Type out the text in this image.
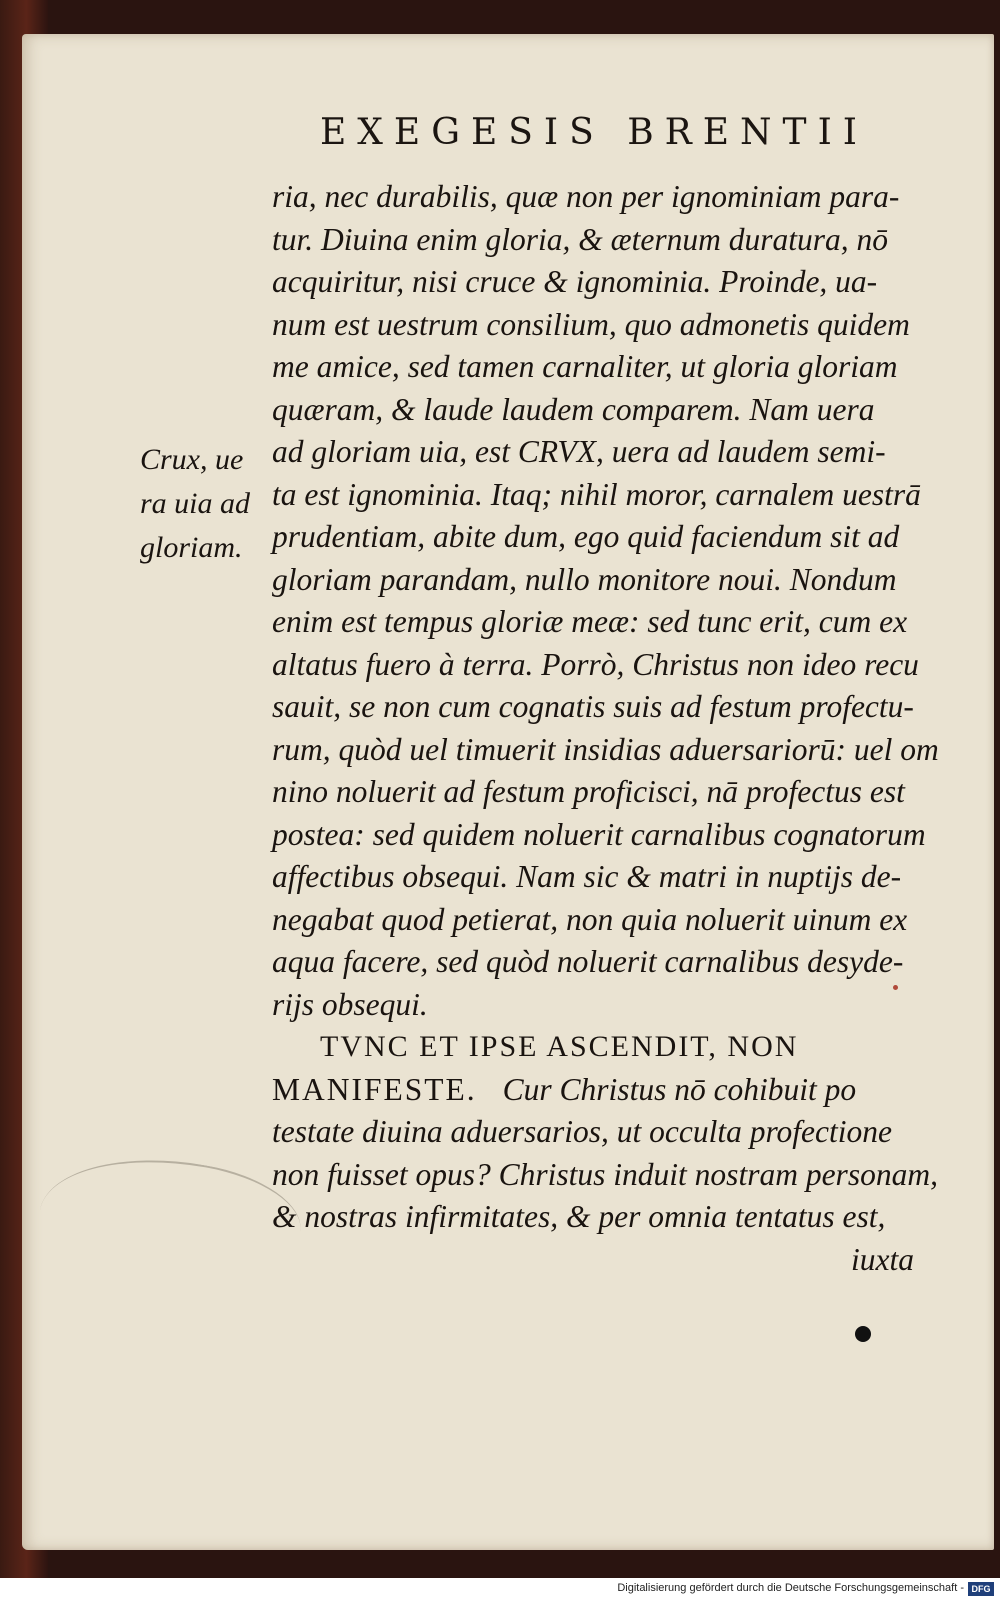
EXEGESIS BRENTII
Crux, ue
ra uia ad
gloriam.
ria, nec durabilis, quæ non per ignominiam para-
tur. Diuina enim gloria, & æternum duratura, nō
acquiritur, nisi cruce & ignominia. Proinde, ua-
num est uestrum consilium, quo admonetis quidem
me amice, sed tamen carnaliter, ut gloria gloriam
quæram, & laude laudem comparem. Nam uera
ad gloriam uia, est CRVX, uera ad laudem semi-
ta est ignominia. Itaq; nihil moror, carnalem uestrā
prudentiam, abite dum, ego quid faciendum sit ad
gloriam parandam, nullo monitore noui. Nondum
enim est tempus gloriæ meæ: sed tunc erit, cum ex
altatus fuero à terra. Porrò, Christus non ideo recu
sauit, se non cum cognatis suis ad festum profectu-
rum, quòd uel timuerit insidias aduersariorū: uel om
nino noluerit ad festum proficisci, nā profectus est
postea: sed quidem noluerit carnalibus cognatorum
affectibus obsequi. Nam sic & matri in nuptijs de-
negabat quod petierat, non quia noluerit uinum ex
aqua facere, sed quòd noluerit carnalibus desyde-
rijs obsequi.
TVNC ET IPSE ASCENDIT, NON
MANIFESTE. Cur Christus nō cohibuit po
testate diuina aduersarios, ut occulta profectione
non fuisset opus? Christus induit nostram personam,
& nostras infirmitates, & per omnia tentatus est,
iuxta
Digitalisierung gefördert durch die Deutsche Forschungsgemeinschaft - DFG
